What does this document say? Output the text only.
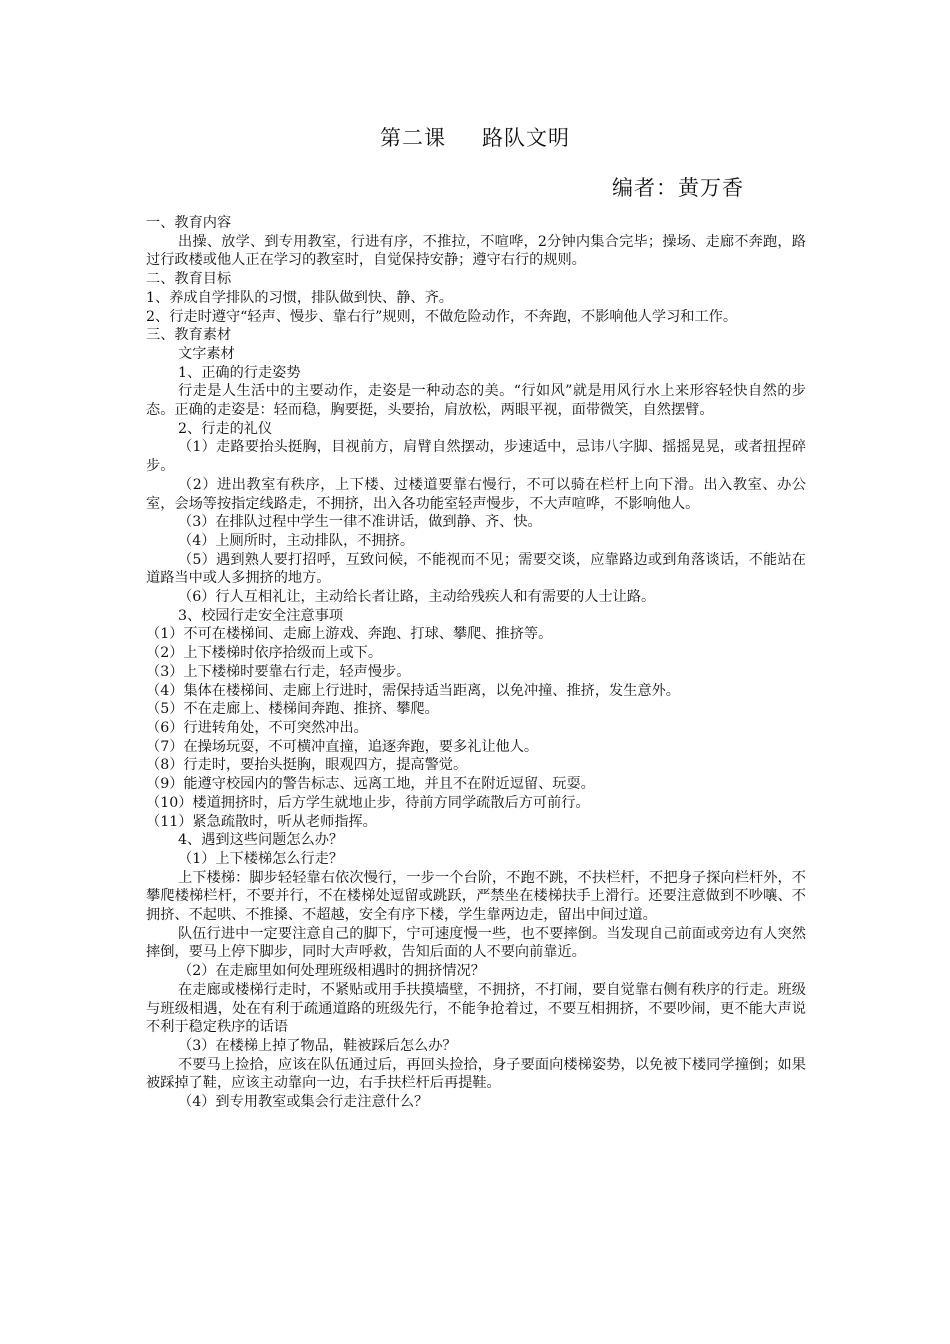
第二课 路队文明
编者：黄万香

一、教育内容

出操、放学、到专用教室，行进有序，不推拉，不喧哗，2分钟内集合完毕；操场、走廊不奔跑，路过行政楼或他人正在学习的教室时，自觉保持安静；遵守右行的规则。

二、教育目标

1、养成自学排队的习惯，排队做到快、静、齐。

2、行走时遵守“轻声、慢步、靠右行”规则，不做危险动作，不奔跑，不影响他人学习和工作。

三、教育素材

文字素材

1、正确的行走姿势

行走是人生活中的主要动作，走姿是一种动态的美。“行如风”就是用风行水上来形容轻快自然的步态。正确的走姿是：轻而稳，胸要挺，头要抬，肩放松，两眼平视，面带微笑，自然摆臂。

2、行走的礼仪

（1）走路要抬头挺胸，目视前方，肩臂自然摆动，步速适中，忌讳八字脚、摇摇晃晃，或者扭捏碎步。

（2）进出教室有秩序，上下楼、过楼道要靠右慢行，不可以骑在栏杆上向下滑。出入教室、办公室，会场等按指定线路走，不拥挤，出入各功能室轻声慢步，不大声喧哗，不影响他人。

（3）在排队过程中学生一律不准讲话，做到静、齐、快。

（4）上厕所时，主动排队，不拥挤。

（5）遇到熟人要打招呼，互致问候，不能视而不见；需要交谈，应靠路边或到角落谈话，不能站在道路当中或人多拥挤的地方。

（6）行人互相礼让，主动给长者让路，主动给残疾人和有需要的人士让路。

3、校园行走安全注意事项

（1）不可在楼梯间、走廊上游戏、奔跑、打球、攀爬、推挤等。

（2）上下楼梯时依序拾级而上或下。

（3）上下楼梯时要靠右行走，轻声慢步。

（4）集体在楼梯间、走廊上行进时，需保持适当距离，以免冲撞、推挤，发生意外。

（5）不在走廊上、楼梯间奔跑、推挤、攀爬。

（6）行进转角处，不可突然冲出。

（7）在操场玩耍，不可横冲直撞，追逐奔跑，要多礼让他人。

（8）行走时，要抬头挺胸，眼观四方，提高警觉。

（9）能遵守校园内的警告标志、远离工地，并且不在附近逗留、玩耍。

（10）楼道拥挤时，后方学生就地止步，待前方同学疏散后方可前行。

（11）紧急疏散时，听从老师指挥。

4、遇到这些问题怎么办？

（1）上下楼梯怎么行走？

上下楼梯：脚步轻轻靠右依次慢行，一步一个台阶，不跑不跳，不扶栏杆，不把身子探向栏杆外，不攀爬楼梯栏杆，不要并行，不在楼梯处逗留或跳跃，严禁坐在楼梯扶手上滑行。还要注意做到不吵嚷、不拥挤、不起哄、不推搡、不超越，安全有序下楼，学生靠两边走，留出中间过道。

队伍行进中一定要注意自己的脚下，宁可速度慢一些，也不要摔倒。当发现自己前面或旁边有人突然摔倒，要马上停下脚步，同时大声呼救，告知后面的人不要向前靠近。

（2）在走廊里如何处理班级相遇时的拥挤情况？

在走廊或楼梯行走时，不紧贴或用手扶摸墙壁，不拥挤，不打闹，要自觉靠右侧有秩序的行走。班级与班级相遇，处在有利于疏通道路的班级先行，不能争抢着过，不要互相拥挤，不要吵闹，更不能大声说不利于稳定秩序的话语

（3）在楼梯上掉了物品，鞋被踩后怎么办？

不要马上捡拾，应该在队伍通过后，再回头捡拾，身子要面向楼梯姿势，以免被下楼同学撞倒；如果被踩掉了鞋，应该主动靠向一边，右手扶栏杆后再提鞋。

（4）到专用教室或集会行走注意什么？
